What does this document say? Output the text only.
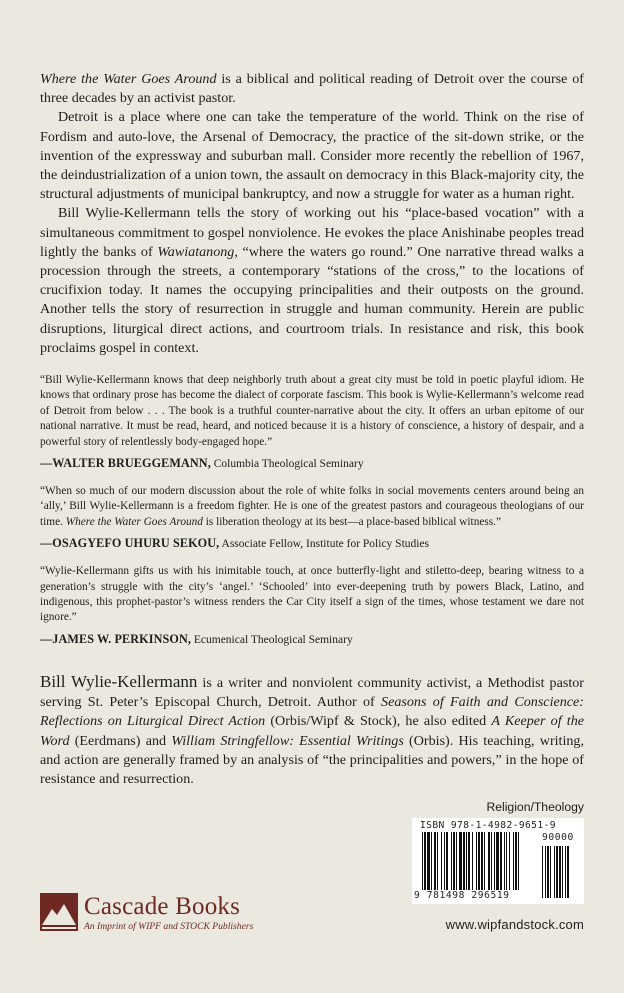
Where the Water Goes Around is a biblical and political reading of Detroit over the course of three decades by an activist pastor.

Detroit is a place where one can take the temperature of the world. Think on the rise of Fordism and auto-love, the Arsenal of Democracy, the practice of the sit-down strike, or the invention of the expressway and suburban mall. Consider more recently the rebellion of 1967, the deindustrialization of a union town, the assault on democracy in this Black-majority city, the structural adjustments of municipal bankruptcy, and now a struggle for water as a human right.

Bill Wylie-Kellermann tells the story of working out his “place-based vocation” with a simultaneous commitment to gospel nonviolence. He evokes the place Anishinabe peoples tread lightly the banks of Wawiatanong, “where the waters go round.” One narrative thread walks a procession through the streets, a contemporary “stations of the cross,” to the locations of crucifixion today. It names the occupying principalities and their outposts on the ground. Another tells the story of resurrection in struggle and human community. Herein are public disruptions, liturgical direct actions, and courtroom trials. In resistance and risk, this book proclaims gospel in context.

“Bill Wylie-Kellermann knows that deep neighborly truth about a great city must be told in poetic playful idiom. He knows that ordinary prose has become the dialect of corporate fascism. This book is Wylie-Kellermann’s welcome read of Detroit from below . . . The book is a truthful counter-narrative about the city. It offers an urban epitome of our national narrative. It must be read, heard, and noticed because it is a history of conscience, a history of despair, and a powerful story of relentlessly body-engaged hope.”

—WALTER BRUEGGEMANN, Columbia Theological Seminary

“When so much of our modern discussion about the role of white folks in social movements centers around being an ‘ally,’ Bill Wylie-Kellermann is a freedom fighter. He is one of the greatest pastors and courageous theologians of our time. Where the Water Goes Around is liberation theology at its best—a place-based biblical witness.”

—OSAGYEFO UHURU SEKOU, Associate Fellow, Institute for Policy Studies

“Wylie-Kellermann gifts us with his inimitable touch, at once butterfly-light and stiletto-deep, bearing witness to a generation’s struggle with the city’s ‘angel.’ ‘Schooled’ into ever-deepening truth by powers Black, Latino, and indigenous, this prophet-pastor’s witness renders the Car City itself a sign of the times, whose testament we dare not ignore.”

—JAMES W. PERKINSON, Ecumenical Theological Seminary

Bill Wylie-Kellermann is a writer and nonviolent community activist, a Methodist pastor serving St. Peter’s Episcopal Church, Detroit. Author of Seasons of Faith and Conscience: Reflections on Liturgical Direct Action (Orbis/Wipf & Stock), he also edited A Keeper of the Word (Eerdmans) and William Stringfellow: Essential Writings (Orbis). His teaching, writing, and action are generally framed by an analysis of “the principalities and powers,” in the hope of resistance and resurrection.

Religion/Theology
ISBN 978-1-4982-9651-9
90000
9 781498 296519
www.wipfandstock.com
Cascade Books
An Imprint of WIPF and STOCK Publishers
